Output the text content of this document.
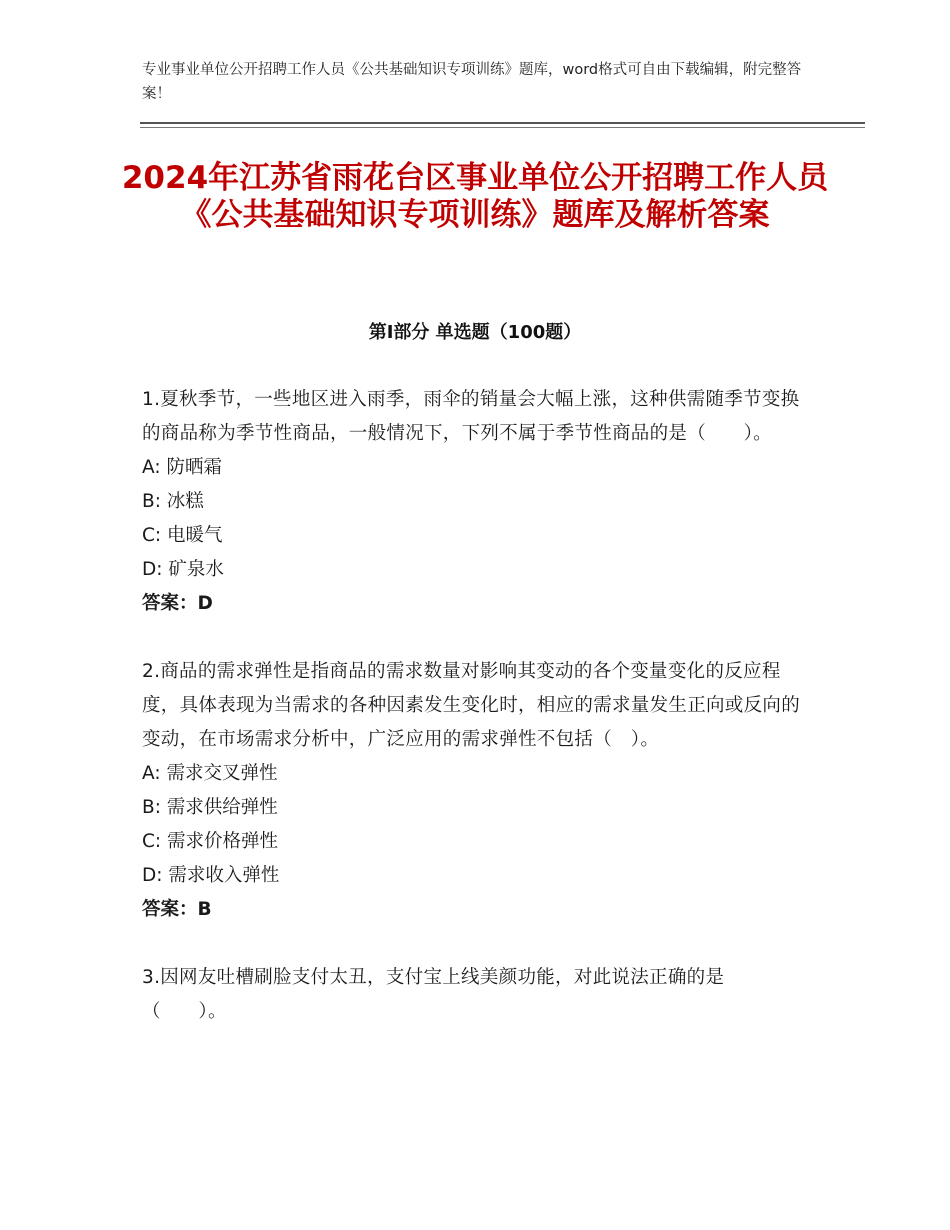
专业事业单位公开招聘工作人员《公共基础知识专项训练》题库，word格式可自由下载编辑，附完整答案！
2024年江苏省雨花台区事业单位公开招聘工作人员《公共基础知识专项训练》题库及解析答案
第Ⅰ部分 单选题（100题）
1.夏秋季节，一些地区进入雨季，雨伞的销量会大幅上涨，这种供需随季节变换的商品称为季节性商品，一般情况下，下列不属于季节性商品的是（　　）。
A: 防晒霜
B: 冰糕
C: 电暖气
D: 矿泉水
答案：D
2.商品的需求弹性是指商品的需求数量对影响其变动的各个变量变化的反应程度，具体表现为当需求的各种因素发生变化时，相应的需求量发生正向或反向的变动，在市场需求分析中，广泛应用的需求弹性不包括（　）。
A: 需求交叉弹性
B: 需求供给弹性
C: 需求价格弹性
D: 需求收入弹性
答案：B
3.因网友吐槽刷脸支付太丑，支付宝上线美颜功能，对此说法正确的是（　　）。
